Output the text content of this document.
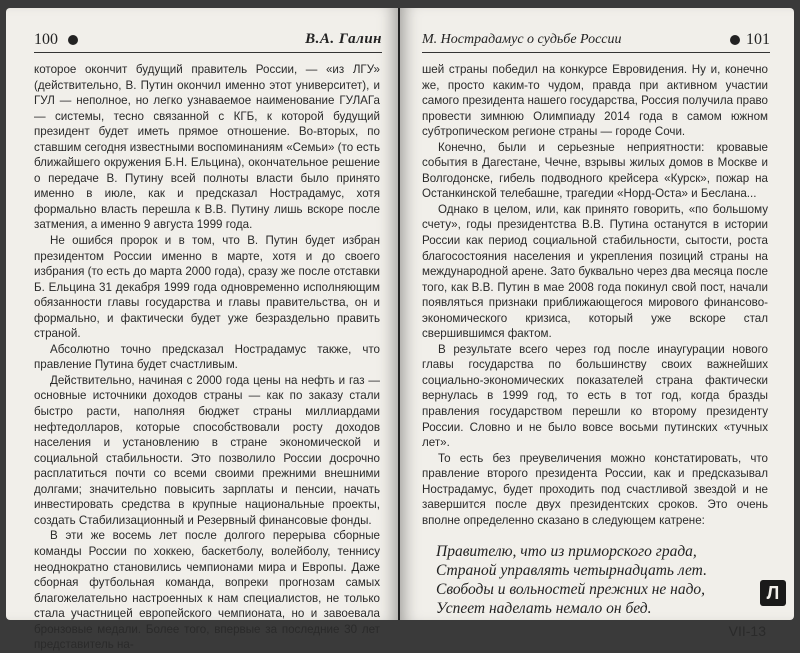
100	В.А. Галин

которое окончит будущий правитель России, — «из ЛГУ» (действительно, В. Путин окончил именно этот университет), и ГУЛ — неполное, но легко узнаваемое наименование ГУЛАГа — системы, тесно связанной с КГБ, к которой будущий президент будет иметь прямое отношение. Во-вторых, по ставшим сегодня известными воспоминаниям «Семьи» (то есть ближайшего окружения Б.Н. Ельцина), окончательное решение о передаче В. Путину всей полноты власти было принято именно в июле, как и предсказал Нострадамус, хотя формально власть перешла к В.В. Путину лишь вскоре после затмения, а именно 9 августа 1999 года.

Не ошибся пророк и в том, что В. Путин будет избран президентом России именно в марте, хотя и до своего избрания (то есть до марта 2000 года), сразу же после отставки Б. Ельцина 31 декабря 1999 года одновременно исполняющим обязанности главы государства и главы правительства, он и формально, и фактически будет уже безраздельно править страной.

Абсолютно точно предсказал Нострадамус также, что правление Путина будет счастливым.

Действительно, начиная с 2000 года цены на нефть и газ — основные источники доходов страны — как по заказу стали быстро расти, наполняя бюджет страны миллиардами нефтедолларов, которые способствовали росту доходов населения и установлению в стране экономической и социальной стабильности. Это позволило России досрочно расплатиться почти со всеми своими прежними внешними долгами; значительно повысить зарплаты и пенсии, начать инвестировать средства в крупные национальные проекты, создать Стабилизационный и Резервный финансовые фонды.

В эти же восемь лет после долгого перерыва сборные команды России по хоккею, баскетболу, волейболу, теннису неоднократно становились чемпионами мира и Европы. Даже сборная футбольная команда, вопреки прогнозам самых благожелательно настроенных к нам специалистов, не только стала участницей европейского чемпионата, но и завоевала бронзовые медали. Более того, впервые за последние 30 лет представитель на-

М. Нострадамус о судьбе России	101

шей страны победил на конкурсе Евровидения. Ну и, конечно же, просто каким-то чудом, правда при активном участии самого президента нашего государства, Россия получила право провести зимнюю Олимпиаду 2014 года в самом южном субтропическом регионе страны — городе Сочи.

Конечно, были и серьезные неприятности: кровавые события в Дагестане, Чечне, взрывы жилых домов в Москве и Волгодонске, гибель подводного крейсера «Курск», пожар на Останкинской телебашне, трагедии «Норд-Оста» и Беслана...

Однако в целом, или, как принято говорить, «по большому счету», годы президентства В.В. Путина останутся в истории России как период социальной стабильности, сытости, роста благосостояния населения и укрепления позиций страны на международной арене. Зато буквально через два месяца после того, как В.В. Путин в мае 2008 года покинул свой пост, начали появляться признаки приближающегося мирового финансово-экономического кризиса, который уже вскоре стал свершившимся фактом.

В результате всего через год после инаугурации нового главы государства по большинству своих важнейших социально-экономических показателей страна фактически вернулась в 1999 год, то есть в тот год, когда бразды правления государством перешли ко второму президенту России. Словно и не было вовсе восьми путинских «тучных лет».

То есть без преувеличения можно констатировать, что правление второго президента России, как и предсказывал Нострадамус, будет проходить под счастливой звездой и не завершится после двух президентских сроков. Это очень вполне определенно сказано в следующем катрене:

Правителю, что из приморского града,
Страной управлять четырнадцать лет.
Свободы и вольностей прежних не надо,
Успеет наделать немало он бед.
VII-13
Л
